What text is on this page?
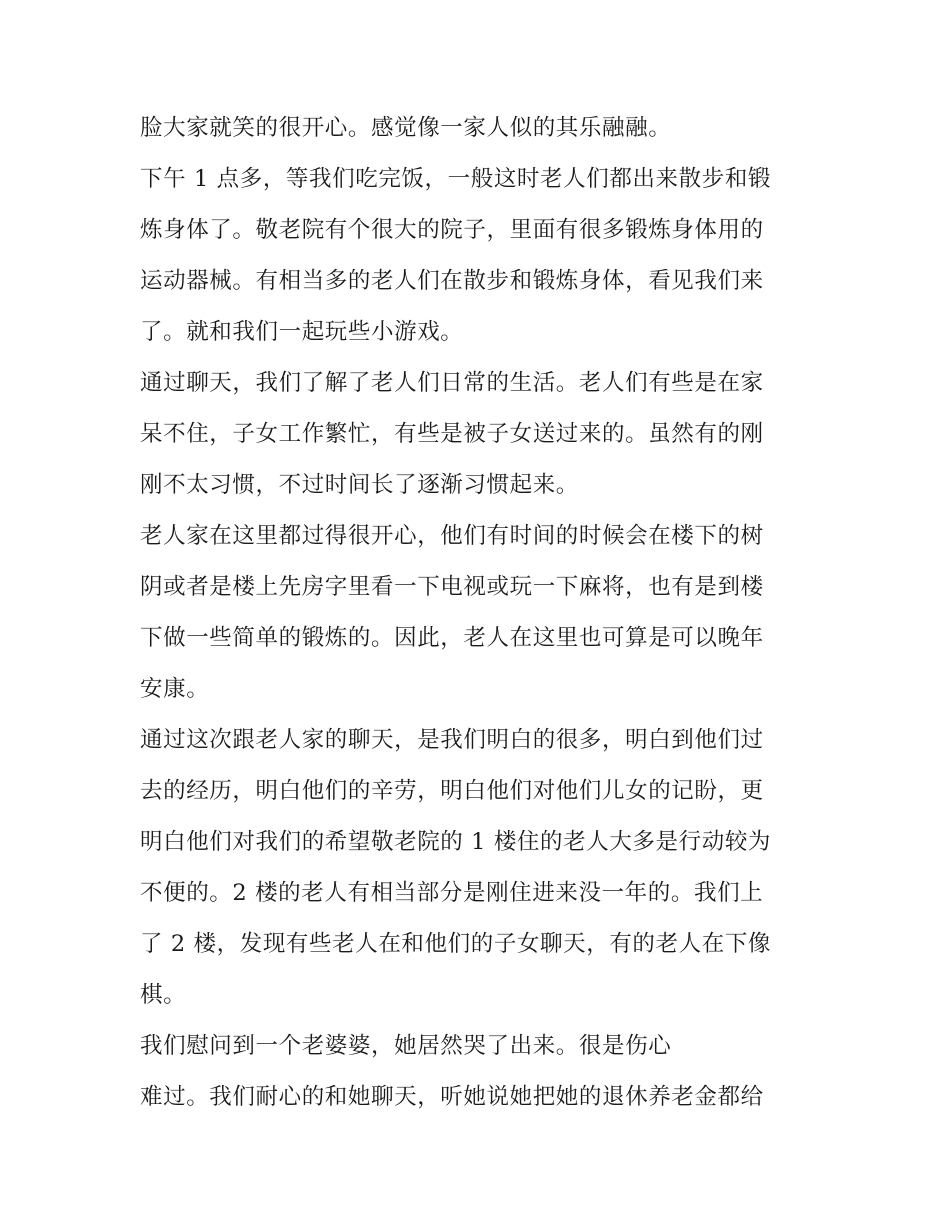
脸大家就笑的很开心。感觉像一家人似的其乐融融。
下午 1 点多，等我们吃完饭，一般这时老人们都出来散步和锻
炼身体了。敬老院有个很大的院子，里面有很多锻炼身体用的
运动器械。有相当多的老人们在散步和锻炼身体，看见我们来
了。就和我们一起玩些小游戏。
通过聊天，我们了解了老人们日常的生活。老人们有些是在家
呆不住，子女工作繁忙，有些是被子女送过来的。虽然有的刚
刚不太习惯，不过时间长了逐渐习惯起来。
老人家在这里都过得很开心，他们有时间的时候会在楼下的树
阴或者是楼上先房字里看一下电视或玩一下麻将，也有是到楼
下做一些简单的锻炼的。因此，老人在这里也可算是可以晚年
安康。
通过这次跟老人家的聊天，是我们明白的很多，明白到他们过
去的经历，明白他们的辛劳，明白他们对他们儿女的记盼，更
明白他们对我们的希望敬老院的 1 楼住的老人大多是行动较为
不便的。2 楼的老人有相当部分是刚住进来没一年的。我们上
了 2 楼，发现有些老人在和他们的子女聊天，有的老人在下像
棋。
我们慰问到一个老婆婆，她居然哭了出来。很是伤心
难过。我们耐心的和她聊天，听她说她把她的退休养老金都给
